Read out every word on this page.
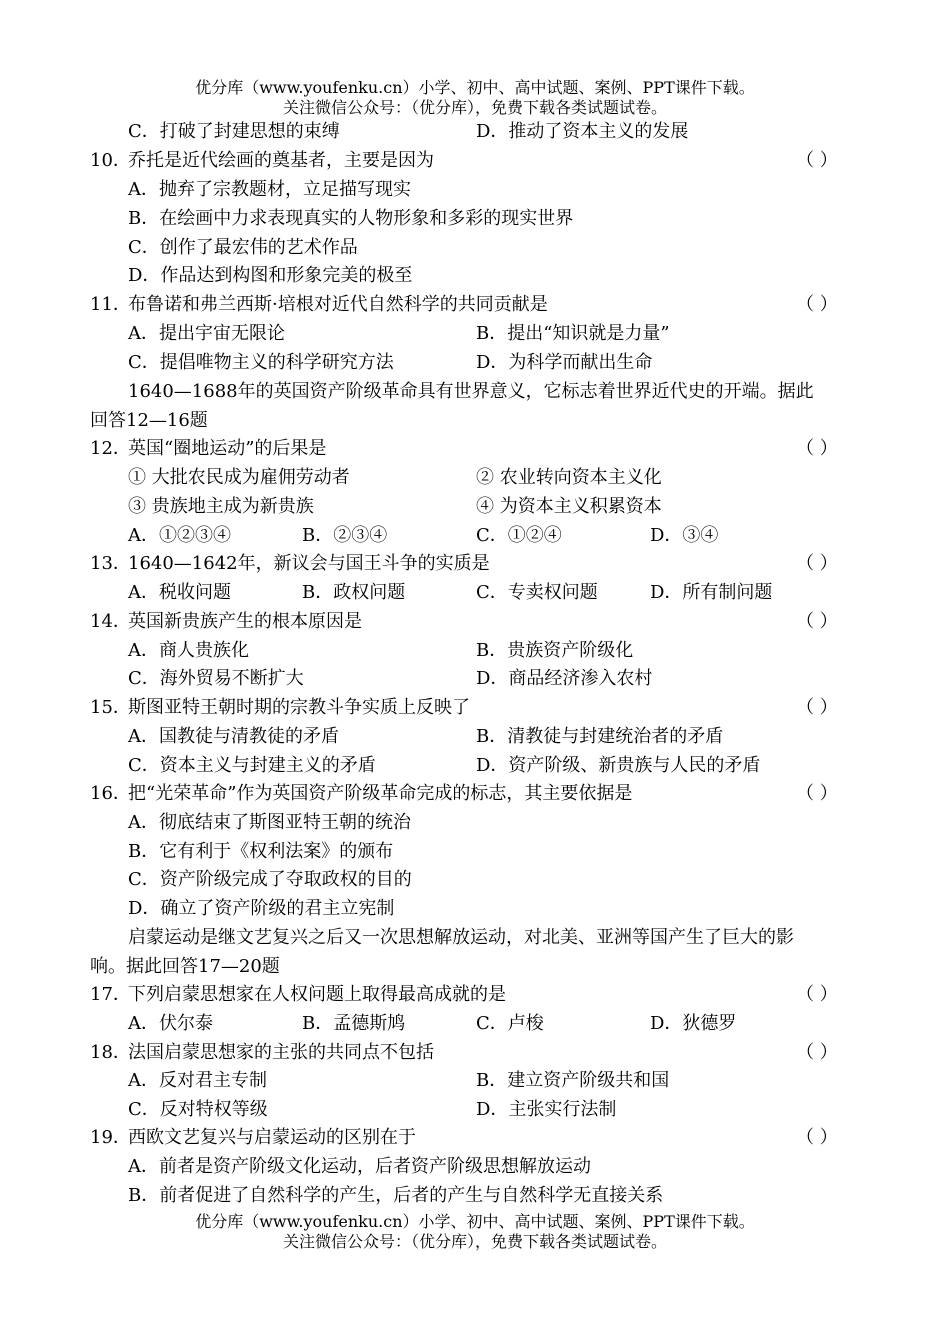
优分库（www.youfenku.cn）小学、初中、高中试题、案例、PPT课件下载。
关注微信公众号：（优分库），免费下载各类试题试卷。
C．打破了封建思想的束缚	D．推动了资本主义的发展
10．
乔托是近代绘画的奠基者，主要是因为	（ ）
A．抛弃了宗教题材，立足描写现实
B．在绘画中力求表现真实的人物形象和多彩的现实世界
C．创作了最宏伟的艺术作品
D．作品达到构图和形象完美的极至
11．
布鲁诺和弗兰西斯·培根对近代自然科学的共同贡献是	（ ）
A．提出宇宙无限论	B．提出“知识就是力量”
C．提倡唯物主义的科学研究方法	D．为科学而献出生命
1640—1688年的英国资产阶级革命具有世界意义，它标志着世界近代史的开端。据此
回答12—16题
12．
英国“圈地运动”的后果是	（ ）
① 大批农民成为雇佣劳动者	② 农业转向资本主义化
③ 贵族地主成为新贵族	④ 为资本主义积累资本
A．①②③④	B．②③④	C．①②④	D．③④
13．
1640—1642年，新议会与国王斗争的实质是	（ ）
A．税收问题	B．政权问题	C．专卖权问题	D．所有制问题
14．
英国新贵族产生的根本原因是	（ ）
A．商人贵族化	B．贵族资产阶级化
C．海外贸易不断扩大	D．商品经济渗入农村
15．
斯图亚特王朝时期的宗教斗争实质上反映了	（ ）
A．国教徒与清教徒的矛盾	B．清教徒与封建统治者的矛盾
C．资本主义与封建主义的矛盾	D．资产阶级、新贵族与人民的矛盾
16．
把“光荣革命”作为英国资产阶级革命完成的标志，其主要依据是	（ ）
A．彻底结束了斯图亚特王朝的统治
B．它有利于《权利法案》的颁布
C．资产阶级完成了夺取政权的目的
D．确立了资产阶级的君主立宪制
启蒙运动是继文艺复兴之后又一次思想解放运动，对北美、亚洲等国产生了巨大的影
响。据此回答17—20题
17．
下列启蒙思想家在人权问题上取得最高成就的是	（ ）
A．伏尔泰	B．孟德斯鸠	C．卢梭	D．狄德罗
18．
法国启蒙思想家的主张的共同点不包括	（ ）
A．反对君主专制	B．建立资产阶级共和国
C．反对特权等级	D．主张实行法制
19．
西欧文艺复兴与启蒙运动的区别在于	（ ）
A．前者是资产阶级文化运动，后者资产阶级思想解放运动
B．前者促进了自然科学的产生，后者的产生与自然科学无直接关系
优分库（www.youfenku.cn）小学、初中、高中试题、案例、PPT课件下载。
关注微信公众号：（优分库），免费下载各类试题试卷。
